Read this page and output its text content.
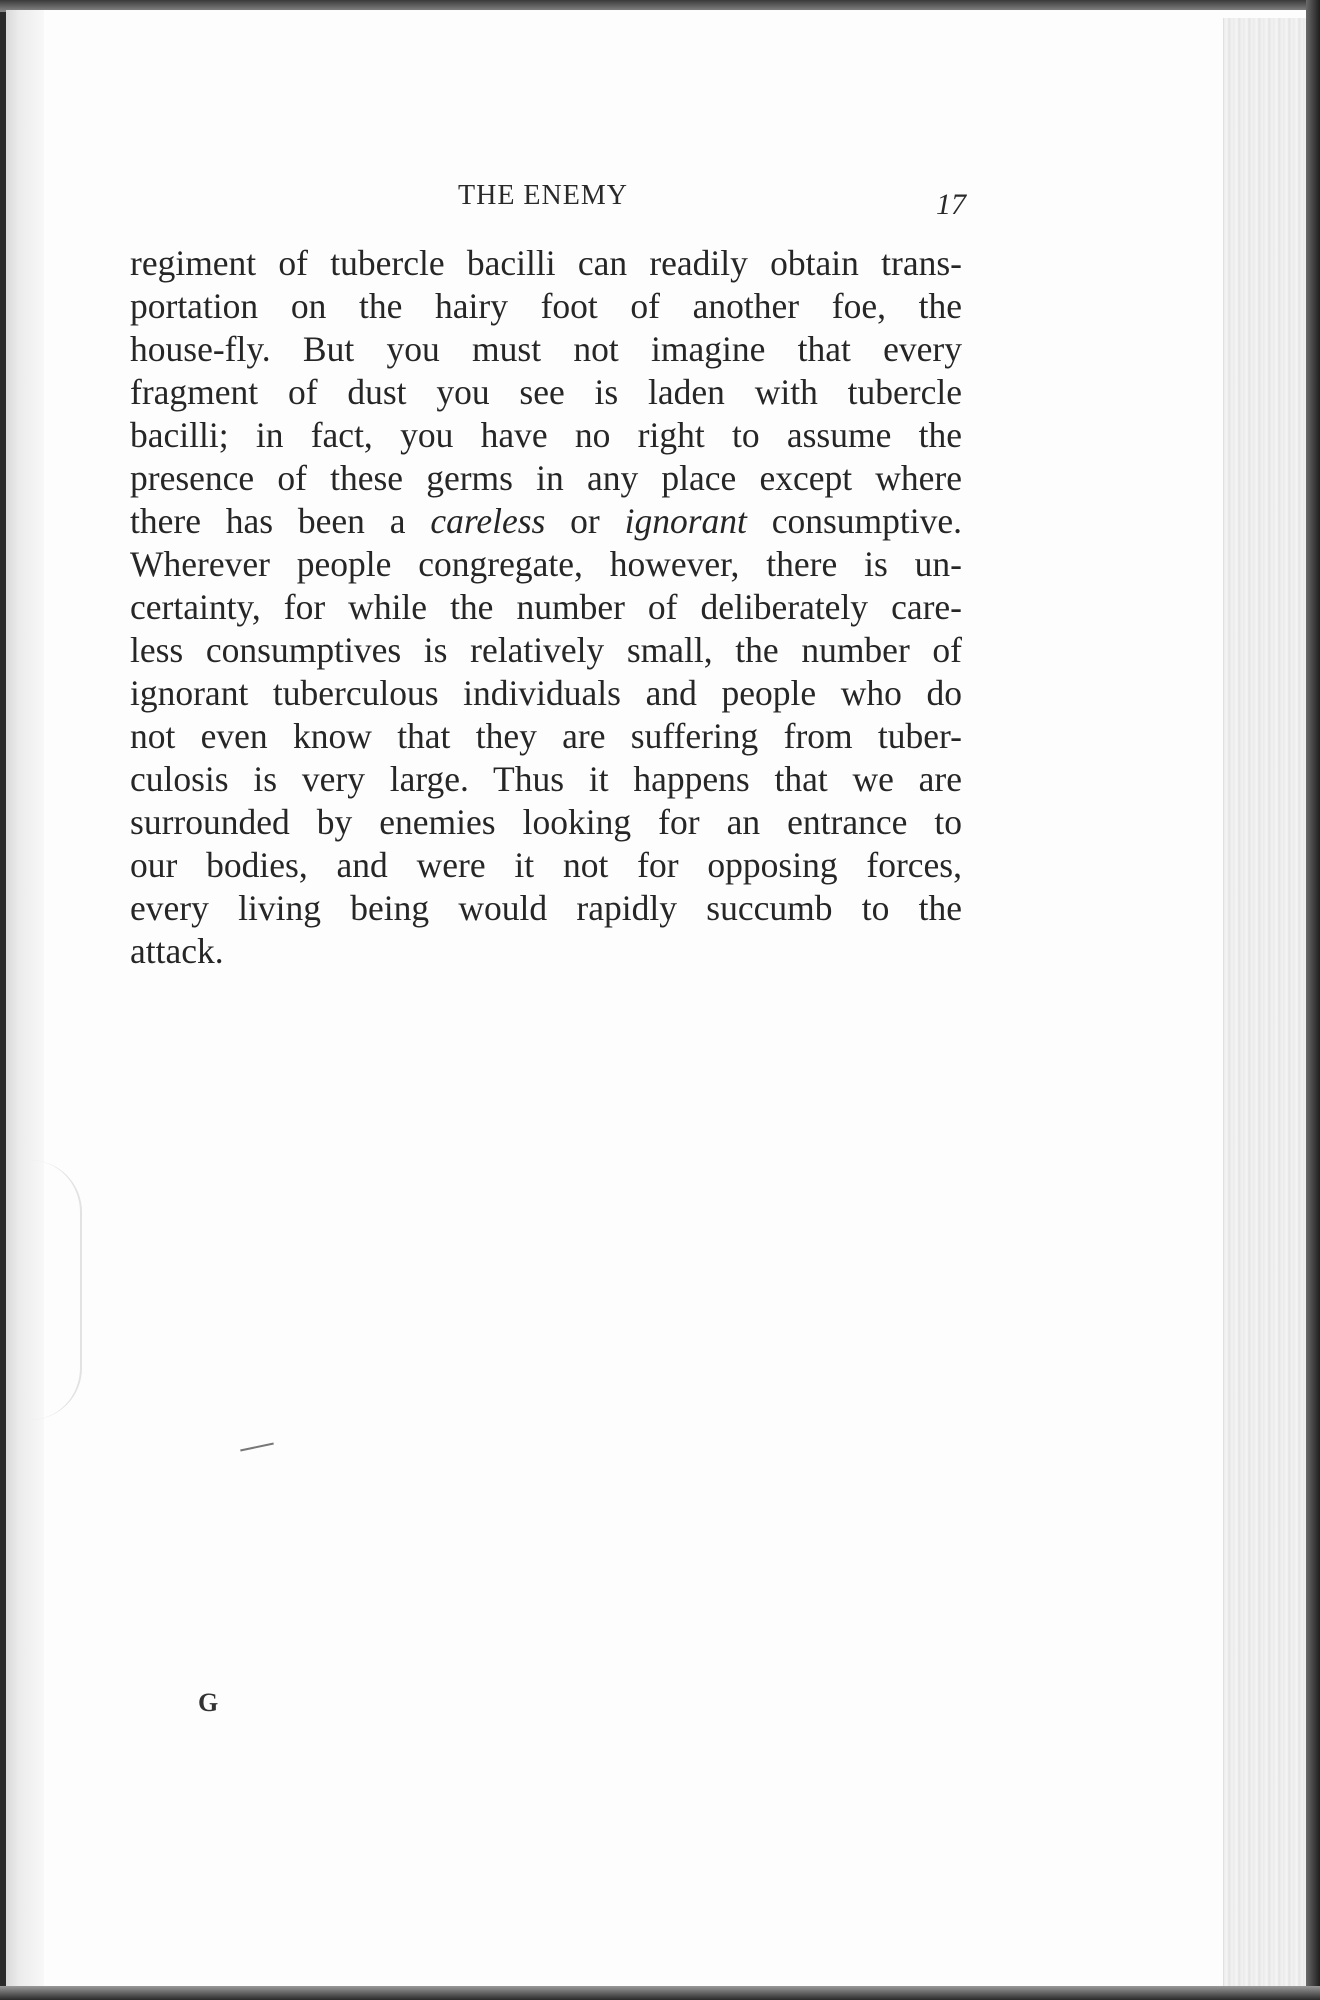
THE ENEMY	17
regiment of tubercle bacilli can readily obtain trans-
portation on the hairy foot of another foe, the
house-fly. But you must not imagine that every
fragment of dust you see is laden with tubercle
bacilli; in fact, you have no right to assume the
presence of these germs in any place except where
there has been a careless or ignorant consumptive.
Wherever people congregate, however, there is un-
certainty, for while the number of deliberately care-
less consumptives is relatively small, the number of
ignorant tuberculous individuals and people who do
not even know that they are suffering from tuber-
culosis is very large. Thus it happens that we are
surrounded by enemies looking for an entrance to
our bodies, and were it not for opposing forces,
every living being would rapidly succumb to the
attack.
G
